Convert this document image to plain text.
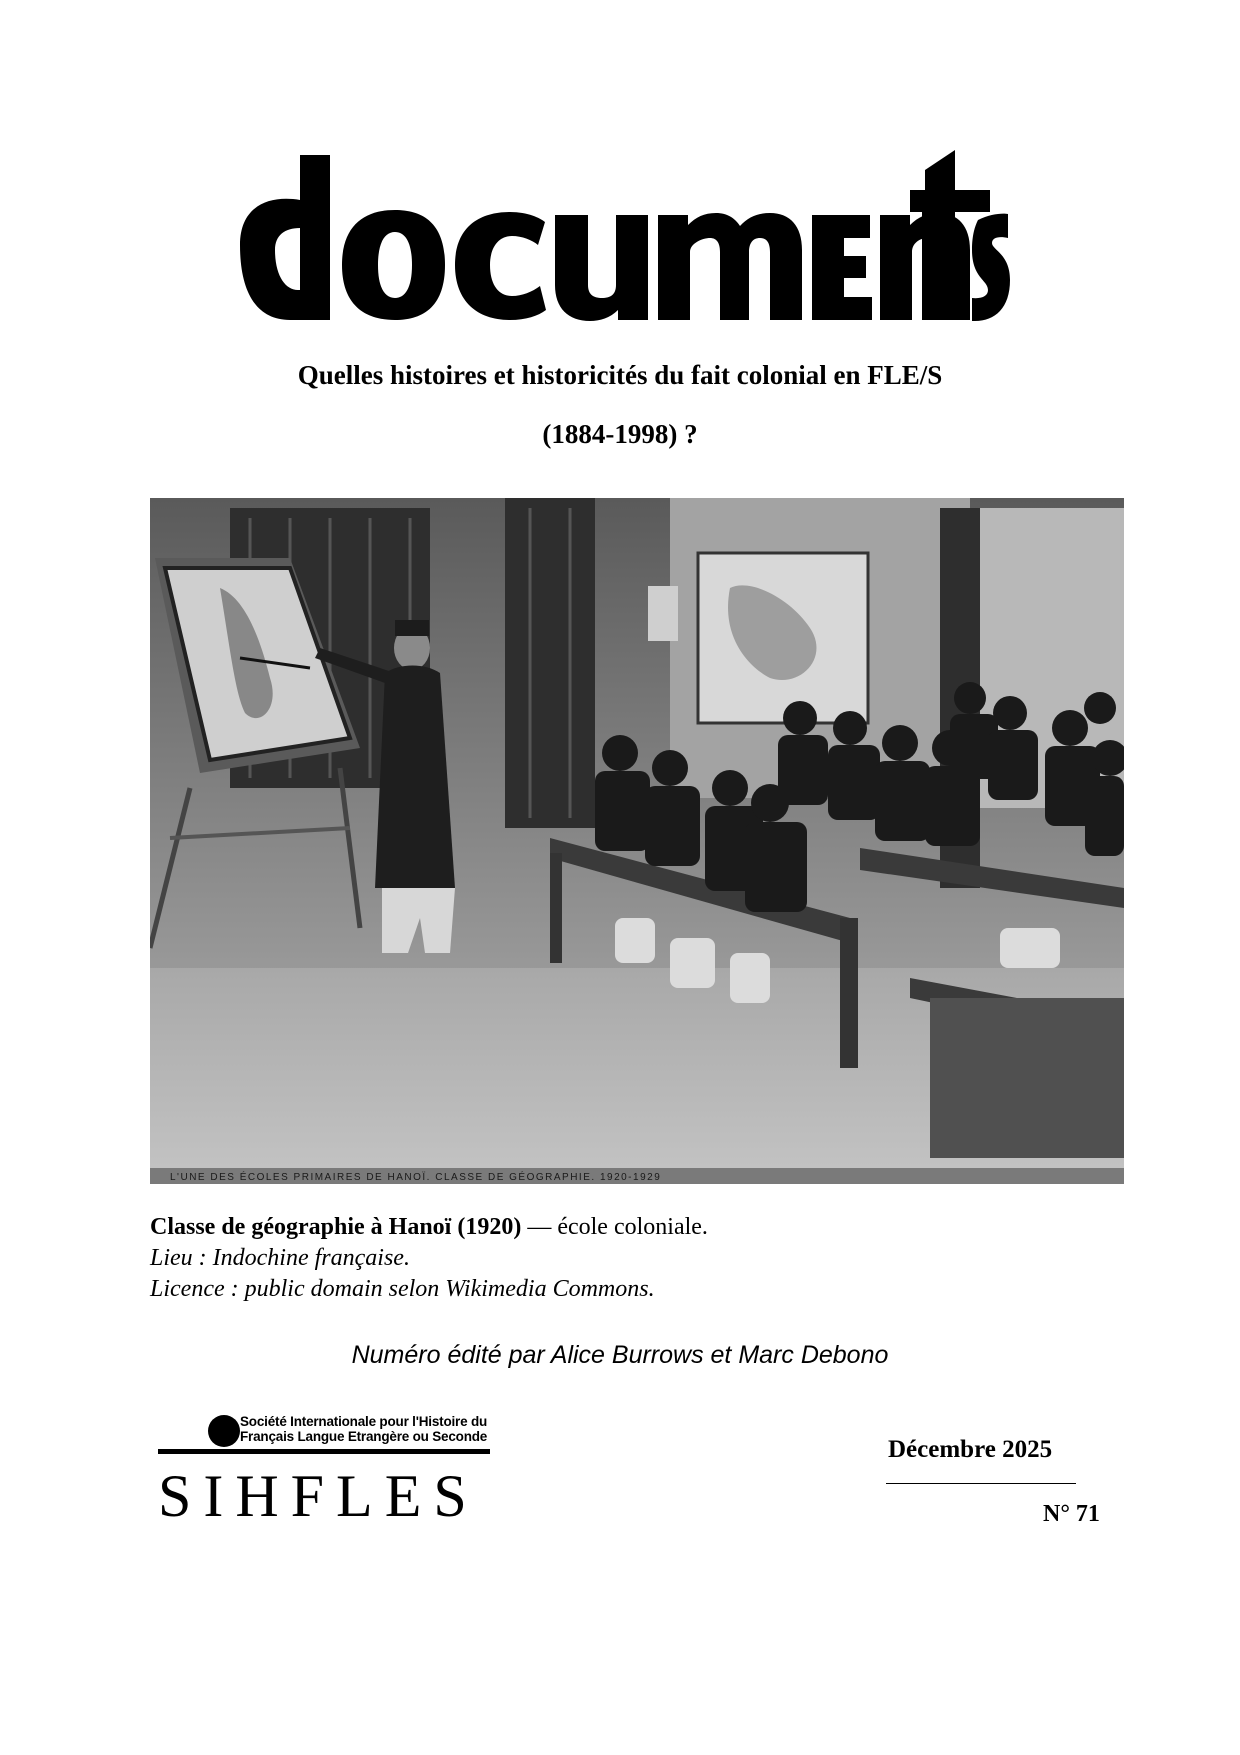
Quelles histoires et historicités du fait colonial en FLE/S
(1884-1998) ?
L'UNE DES ÉCOLES PRIMAIRES DE HANOÏ. CLASSE DE GÉOGRAPHIE. 1920-1929
Classe de géographie à Hanoï (1920) — école coloniale.
Lieu : Indochine française.
Licence : public domain selon Wikimedia Commons.
Numéro édité par Alice Burrows et Marc Debono
Société Internationale pour l'Histoire du
Français Langue Etrangère ou Seconde
SIHFLES
Décembre 2025
N° 71
